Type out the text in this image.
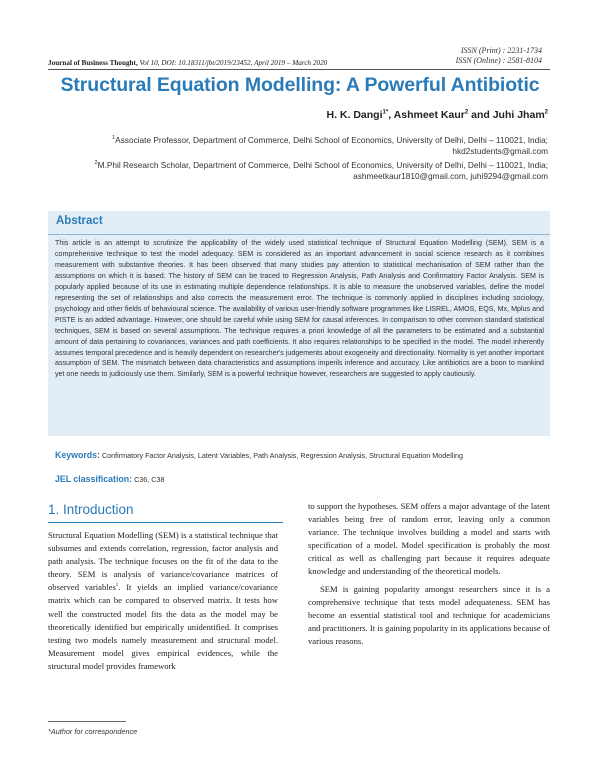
ISSN (Print) : 2231-1734
ISSN (Online) : 2581-8104
Journal of Business Thought, Vol 10, DOI: 10.18311/jbt/2019/23452, April 2019 – March 2020
Structural Equation Modelling: A Powerful Antibiotic
H. K. Dangi$^{1*}$, Ashmeet Kaur$^2$ and Juhi Jham$^2$
$^1$Associate Professor, Department of Commerce, Delhi School of Economics, University of Delhi, Delhi – 110021, India; hkd2students@gmail.com
$^2$M.Phil Research Scholar, Department of Commerce, Delhi School of Economics, University of Delhi, Delhi – 110021, India; ashmeetkaur1810@gmail.com, juhi9294@gmail.com
Abstract
This article is an attempt to scrutinize the applicability of the widely used statistical technique of Structural Equation Modelling (SEM). SEM is a comprehensive technique to test the model adequacy. SEM is considered as an important advancement in social science research as it combines measurement with substantive theories. It has been observed that many studies pay attention to statistical mechanisation of SEM rather than the assumptions on which it is based. The history of SEM can be traced to Regression Analysis, Path Analysis and Confirmatory Factor Analysis. SEM is popularly applied because of its use in estimating multiple dependence relationships. It is able to measure the unobserved variables, define the model representing the set of relationships and also corrects the measurement error. The technique is commonly applied in disciplines including sociology, psychology and other fields of behavioural science. The availability of various user-friendly software programmes like LISREL, AMOS, EQS, Mx, Mplus and PISTE is an added advantage. However, one should be careful while using SEM for causal inferences. In comparison to other common standard statistical techniques, SEM is based on several assumptions. The technique requires a priori knowledge of all the parameters to be estimated and a substantial amount of data pertaining to covariances, variances and path coefficients. It also requires relationships to be specified in the model. The model inherently assumes temporal precedence and is heavily dependent on researcher's judgements about exogeneity and directionality. Normality is yet another important assumption of SEM. The mismatch between data characteristics and assumptions imperils inference and accuracy. Like antibiotics are a boon to mankind yet one needs to judiciously use them. Similarly, SEM is a powerful technique however, researchers are suggested to apply cautiously.
Keywords: Confirmatory Factor Analysis, Latent Variables, Path Analysis, Regression Analysis, Structural Equation Modelling
JEL classification: C36, C38
1. Introduction

Structural Equation Modelling (SEM) is a statistical technique that subsumes and extends correlation, regression, factor analysis and path analysis. The technique focuses on the fit of the data to the theory. SEM is analysis of variance/covariance matrices of observed variables$^1$. It yields an implied variance/covariance matrix which can be compared to observed matrix. It tests how well the constructed model fits the data as the model may be theoretically identified but empirically unidentified. It comprises testing two models namely measurement and structural model. Measurement model gives empirical evidences, while the structural model provides framework

to support the hypotheses. SEM offers a major advantage of the latent variables being free of random error, leaving only a common variance. The technique involves building a model and starts with specification of a model. Model specification is probably the most critical as well as challenging part because it requires adequate knowledge and understanding of the theoretical models.

SEM is gaining popularity amongst researchers since it is a comprehensive technique that tests model adequateness. SEM has become an essential statistical tool and technique for academicians and practitioners. It is gaining popularity in its applications because of various reasons.

*Author for correspondence
